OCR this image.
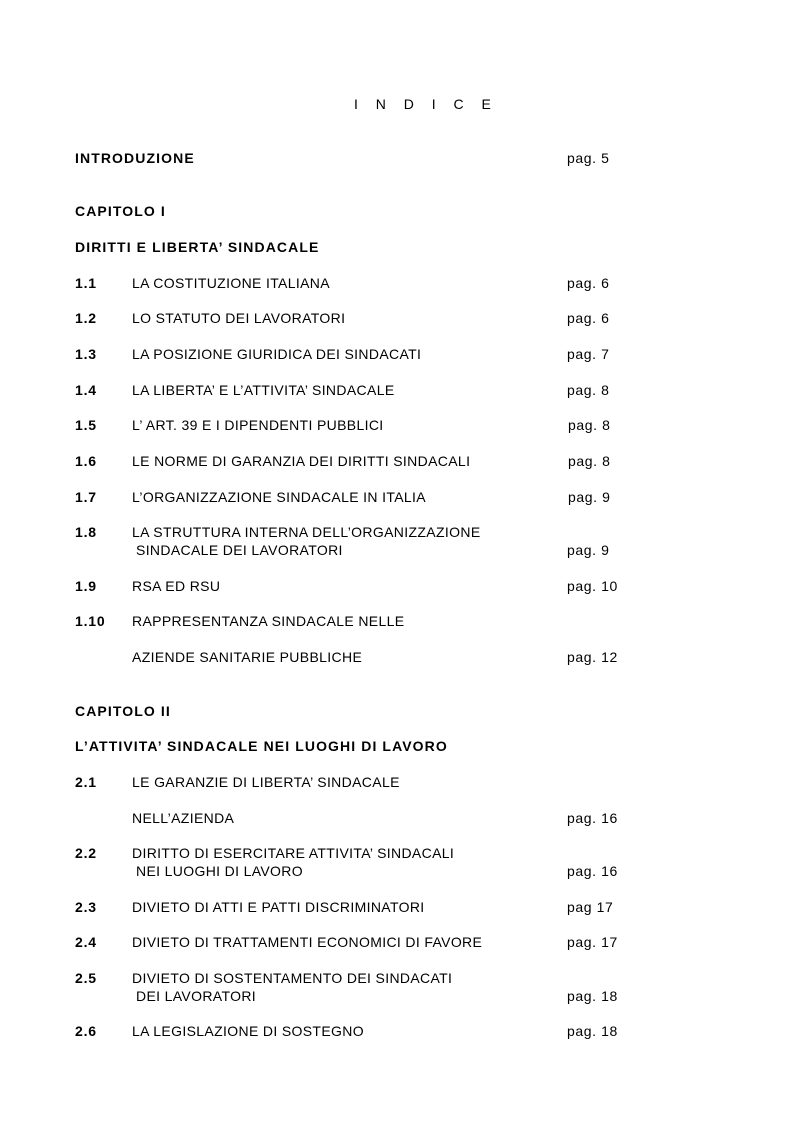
I N D I C E
INTRODUZIONE	pag. 5
CAPITOLO I
DIRITTI E LIBERTA’ SINDACALE
1.1	LA COSTITUZIONE ITALIANA	pag. 6
1.2	LO STATUTO DEI LAVORATORI	pag. 6
1.3	LA POSIZIONE GIURIDICA DEI SINDACATI	pag. 7
1.4	LA LIBERTA’ E L’ATTIVITA’ SINDACALE	pag. 8
1.5	L’ ART. 39 E I DIPENDENTI PUBBLICI	pag. 8
1.6	LE NORME DI GARANZIA DEI DIRITTI SINDACALI	pag. 8
1.7	L’ORGANIZZAZIONE SINDACALE IN ITALIA	pag. 9
1.8	LA STRUTTURA INTERNA DELL’ORGANIZZAZIONE
SINDACALE DEI LAVORATORI	pag. 9
1.9	RSA ED RSU	pag. 10
1.10 RAPPRESENTANZA SINDACALE NELLE
AZIENDE SANITARIE PUBBLICHE	pag. 12
CAPITOLO II
L’ATTIVITA’ SINDACALE NEI LUOGHI DI LAVORO
2.1	LE GARANZIE DI LIBERTA’ SINDACALE
NELL’AZIENDA	pag. 16
2.2	DIRITTO DI ESERCITARE ATTIVITA’ SINDACALI
NEI LUOGHI DI LAVORO	pag. 16
2.3	DIVIETO DI ATTI E PATTI DISCRIMINATORI	pag 17
2.4	DIVIETO DI TRATTAMENTI ECONOMICI DI FAVORE	pag. 17
2.5	DIVIETO DI SOSTENTAMENTO DEI SINDACATI
DEI LAVORATORI	pag. 18
2.6	LA LEGISLAZIONE DI SOSTEGNO	pag. 18
